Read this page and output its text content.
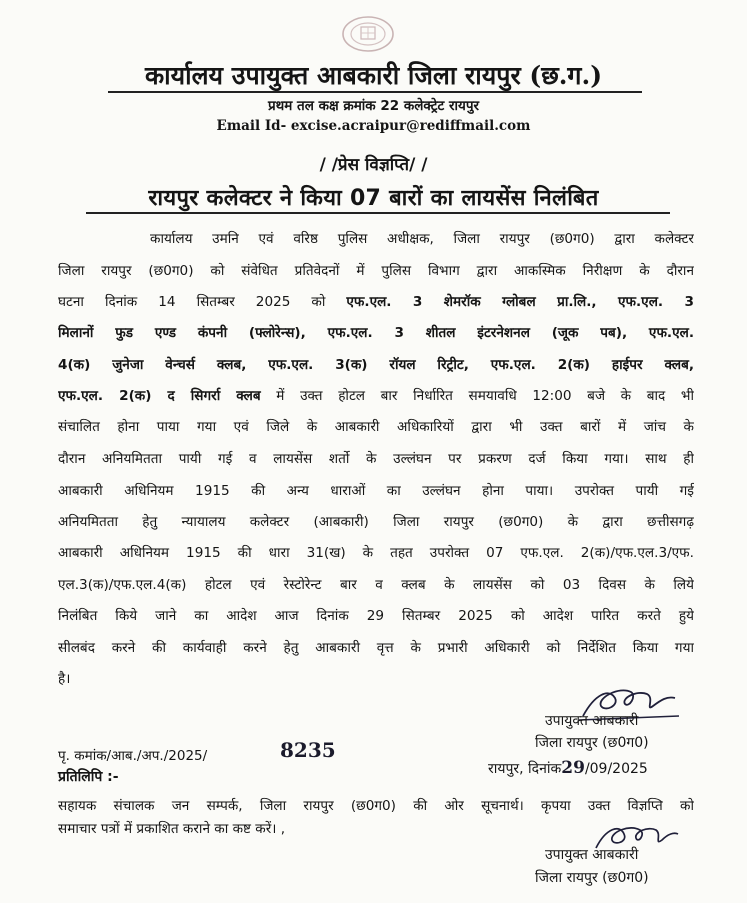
कार्यालय उपायुक्त आबकारी जिला रायपुर (छ.ग.)
प्रथम तल कक्ष क्रमांक 22 कलेक्ट्रेट रायपुर
Email Id- excise.acraipur@rediffmail.com
/ /प्रेस विज्ञप्ति/ /
रायपुर कलेक्टर ने किया 07 बारों का लायसेंस निलंबित
कार्यालय उमनि एवं वरिष्ठ पुलिस अधीक्षक, जिला रायपुर (छ0ग0) द्वारा कलेक्टर
जिला रायपुर (छ0ग0) को संवेधित प्रतिवेदनों में पुलिस विभाग द्वारा आकस्मिक निरीक्षण के दौरान
घटना दिनांक 14 सितम्बर 2025 को एफ.एल. 3 शेमरॉक ग्लोबल प्रा.लि., एफ.एल. 3
मिलानों फुड एण्ड कंपनी (फ्लोरेन्स), एफ.एल. 3 शीतल इंटरनेशनल (जूक पब), एफ.एल.
4(क) जुनेजा वेन्चर्स क्लब, एफ.एल. 3(क) रॉयल रिट्रीट, एफ.एल. 2(क) हाईपर क्लब,
एफ.एल. 2(क) द सिगर्रा क्लब में उक्त होटल बार निर्धारित समयावधि 12:00 बजे के बाद भी
संचालित होना पाया गया एवं जिले के आबकारी अधिकारियों द्वारा भी उक्त बारों में जांच के
दौरान अनियमितता पायी गई व लायसेंस शर्तो के उल्लंघन पर प्रकरण दर्ज किया गया। साथ ही
आबकारी अधिनियम 1915 की अन्य धाराओं का उल्लंघन होना पाया। उपरोक्त पायी गई
अनियमितता हेतु न्यायालय कलेक्टर (आबकारी) जिला रायपुर (छ0ग0) के द्वारा छत्तीसगढ़
आबकारी अधिनियम 1915 की धारा 31(ख) के तहत उपरोक्त 07 एफ.एल. 2(क)/एफ.एल.3/एफ.
एल.3(क)/एफ.एल.4(क) होटल एवं रेस्टोरेन्ट बार व क्लब के लायसेंस को 03 दिवस के लिये
निलंबित किये जाने का आदेश आज दिनांक 29 सितम्बर 2025 को आदेश पारित करते हुये
सीलबंद करने की कार्यवाही करने हेतु आबकारी वृत्त के प्रभारी अधिकारी को निर्देशित किया गया
है।
उपायुक्त आबकारी
जिला रायपुर (छ0ग0)
रायपुर, दिनांक29/09/2025
पृ. कमांक/आब./अप./2025/	8235
प्रतिलिपि :-
सहायक संचालक जन सम्पर्क, जिला रायपुर (छ0ग0) की ओर सूचनार्थ। कृपया उक्त विज्ञप्ति को
समाचार पत्रों में प्रकाशित कराने का कष्ट करें। ,
उपायुक्त आबकारी
जिला रायपुर (छ0ग0)
